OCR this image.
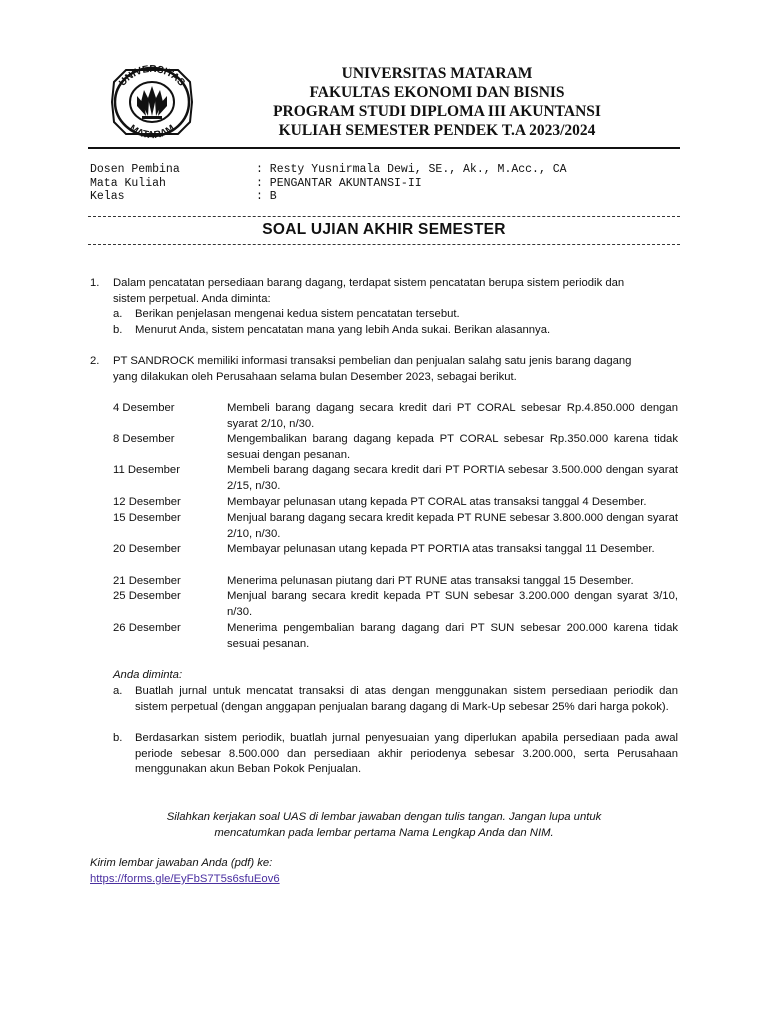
UNIVERSITAS
MATARAM
UNIVERSITAS MATARAM
FAKULTAS EKONOMI DAN BISNIS
PROGRAM STUDI DIPLOMA III AKUNTANSI
KULIAH SEMESTER PENDEK T.A 2023/2024
Dosen Pembina	: Resty Yusnirmala Dewi, SE., Ak., M.Acc., CA
Mata Kuliah	: PENGANTAR AKUNTANSI-II
Kelas	: B
SOAL UJIAN AKHIR SEMESTER
1. Dalam pencatatan persediaan barang dagang, terdapat sistem pencatatan berupa sistem periodik dan
sistem perpetual. Anda diminta:
a. Berikan penjelasan mengenai kedua sistem pencatatan tersebut.
b. Menurut Anda, sistem pencatatan mana yang lebih Anda sukai. Berikan alasannya.
2. PT SANDROCK memiliki informasi transaksi pembelian dan penjualan salahg satu jenis barang dagang
yang dilakukan oleh Perusahaan selama bulan Desember 2023, sebagai berikut.
4 Desember	Membeli barang dagang secara kredit dari PT CORAL sebesar Rp.4.850.000 dengan syarat 2/10, n/30.
8 Desember	Mengembalikan barang dagang kepada PT CORAL sebesar Rp.350.000 karena tidak sesuai dengan pesanan.
11 Desember	Membeli barang dagang secara kredit dari PT PORTIA sebesar 3.500.000 dengan syarat 2/15, n/30.
12 Desember	Membayar pelunasan utang kepada PT CORAL atas transaksi tanggal 4 Desember.
15 Desember	Menjual barang dagang secara kredit kepada PT RUNE sebesar 3.800.000 dengan syarat 2/10, n/30.
20 Desember	Membayar pelunasan utang kepada PT PORTIA atas transaksi tanggal 11 Desember.
21 Desember	Menerima pelunasan piutang dari PT RUNE atas transaksi tanggal 15 Desember.
25 Desember	Menjual barang secara kredit kepada PT SUN sebesar 3.200.000 dengan syarat 3/10, n/30.
26 Desember	Menerima pengembalian barang dagang dari PT SUN sebesar 200.000 karena tidak sesuai pesanan.
Anda diminta:
a. Buatlah jurnal untuk mencatat transaksi di atas dengan menggunakan sistem persediaan periodik dan sistem perpetual (dengan anggapan penjualan barang dagang di Mark-Up sebesar 25% dari harga pokok).
b. Berdasarkan sistem periodik, buatlah jurnal penyesuaian yang diperlukan apabila persediaan pada awal periode sebesar 8.500.000 dan persediaan akhir periodenya sebesar 3.200.000, serta Perusahaan menggunakan akun Beban Pokok Penjualan.
Silahkan kerjakan soal UAS di lembar jawaban dengan tulis tangan. Jangan lupa untuk
mencatumkan pada lembar pertama Nama Lengkap Anda dan NIM.
Kirim lembar jawaban Anda (pdf) ke:
https://forms.gle/EyFbS7T5s6sfuEov6
